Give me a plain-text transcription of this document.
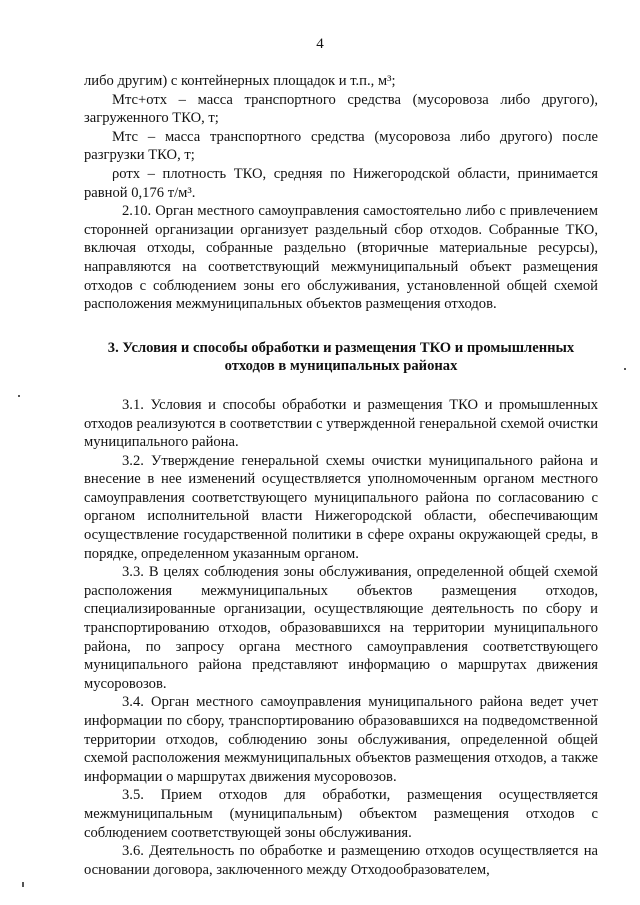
4

либо другим) с контейнерных площадок и т.п., м³;

Мтс+отх – масса транспортного средства (мусоровоза либо другого), загруженного ТКО, т;

Мтс – масса транспортного средства (мусоровоза либо другого) после разгрузки ТКО, т;

ρотх – плотность ТКО, средняя по Нижегородской области, принимается равной 0,176 т/м³.

2.10. Орган местного самоуправления самостоятельно либо с привлечением сторонней организации организует раздельный сбор отходов. Собранные ТКО, включая отходы, собранные раздельно (вторичные материальные ресурсы), направляются на соответствующий межмуниципальный объект размещения отходов с соблюдением зоны его обслуживания, установленной общей схемой расположения межмуниципальных объектов размещения отходов.

3. Условия и способы обработки и размещения ТКО и промышленных отходов в муниципальных районах

3.1. Условия и способы обработки и размещения ТКО и промышленных отходов реализуются в соответствии с утвержденной генеральной схемой очистки муниципального района.

3.2. Утверждение генеральной схемы очистки муниципального района и внесение в нее изменений осуществляется уполномоченным органом местного самоуправления соответствующего муниципального района по согласованию с органом исполнительной власти Нижегородской области, обеспечивающим осуществление государственной политики в сфере охраны окружающей среды, в порядке, определенном указанным органом.

3.3. В целях соблюдения зоны обслуживания, определенной общей схемой расположения межмуниципальных объектов размещения отходов, специализированные организации, осуществляющие деятельность по сбору и транспортированию отходов, образовавшихся на территории муниципального района, по запросу органа местного самоуправления соответствующего муниципального района представляют информацию о маршрутах движения мусоровозов.

3.4. Орган местного самоуправления муниципального района ведет учет информации по сбору, транспортированию образовавшихся на подведомственной территории отходов, соблюдению зоны обслуживания, определенной общей схемой расположения межмуниципальных объектов размещения отходов, а также информации о маршрутах движения мусоровозов.

3.5. Прием отходов для обработки, размещения осуществляется межмуниципальным (муниципальным) объектом размещения отходов с соблюдением соответствующей зоны обслуживания.

3.6. Деятельность по обработке и размещению отходов осуществляется на основании договора, заключенного между Отходообразователем,
